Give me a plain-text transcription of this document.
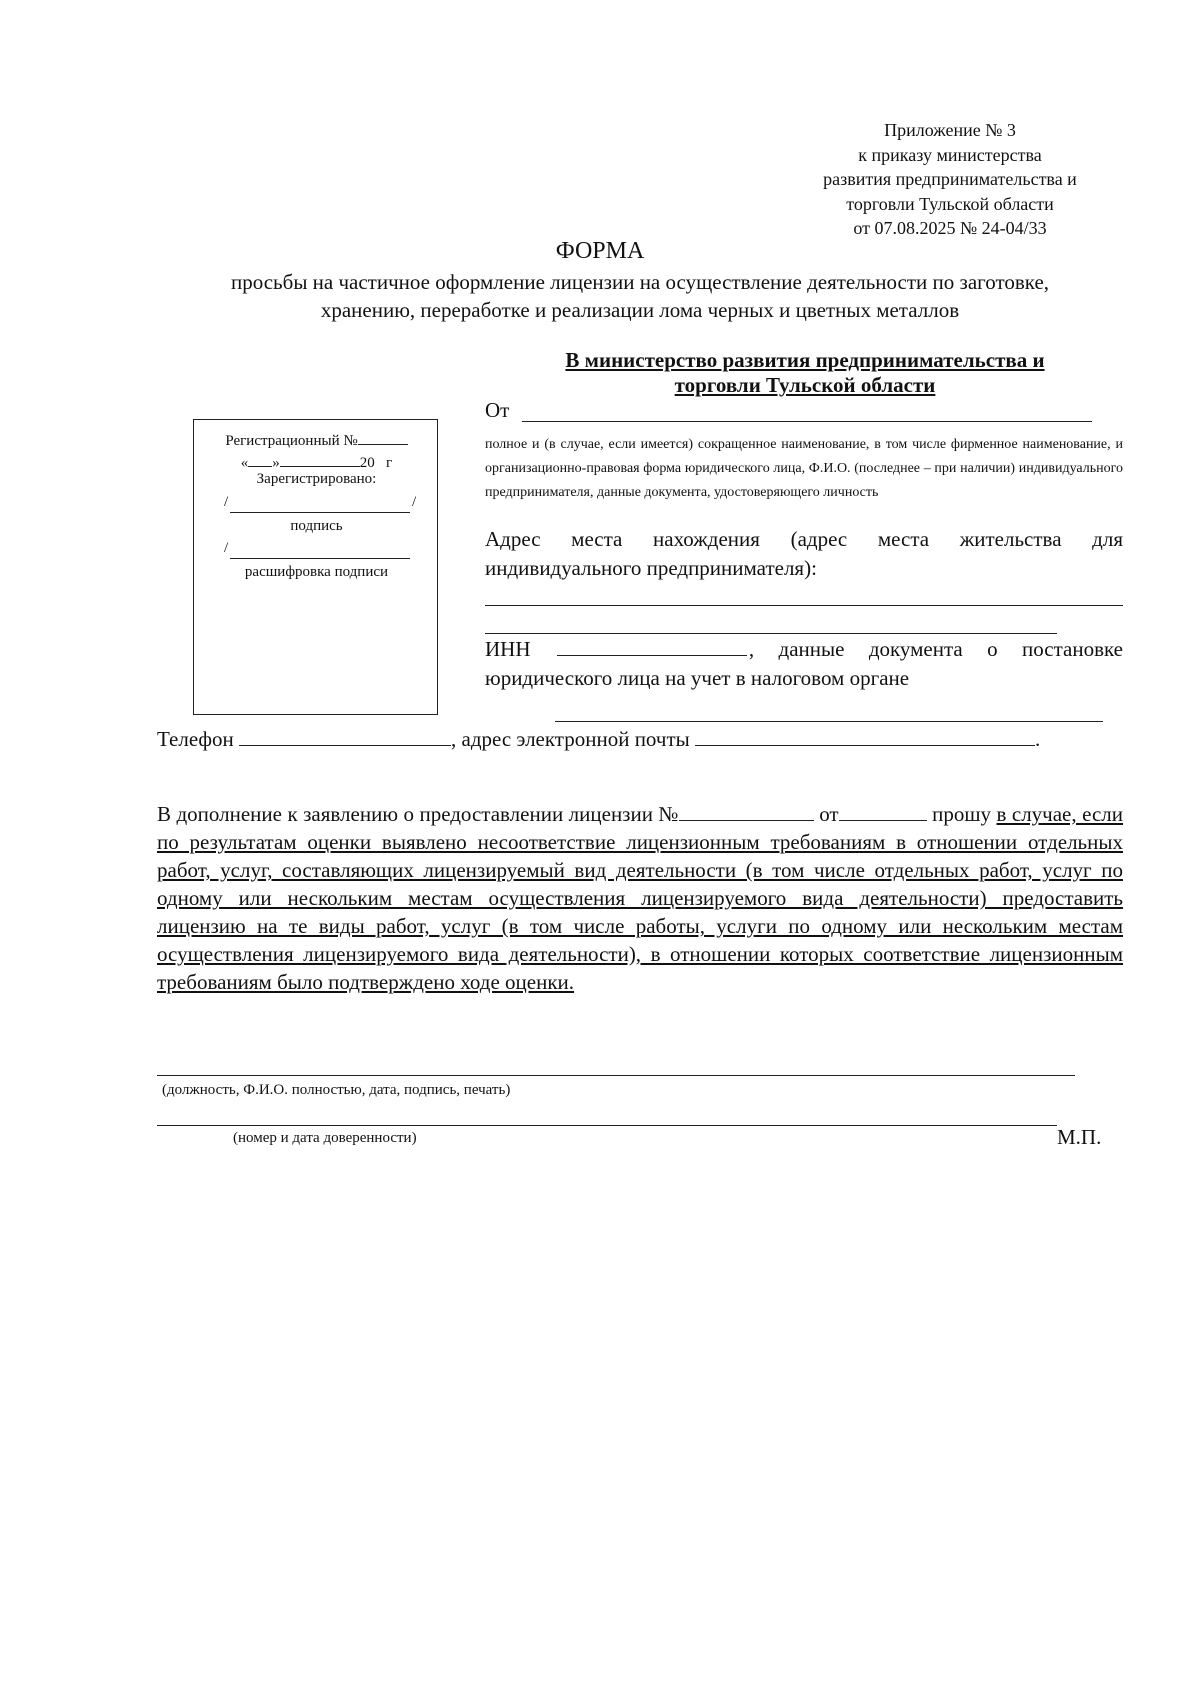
Приложение № 3
к приказу министерства
развития предпринимательства и
торговли Тульской области
от 07.08.2025 № 24-04/33
ФОРМА
просьбы на частичное оформление лицензии на осуществление деятельности по заготовке,
хранению, переработке и реализации лома черных и цветных металлов
В министерство развития предпринимательства и
торговли Тульской области
От
полное и (в случае, если имеется) сокращенное наименование, в том числе фирменное наименование, и организационно-правовая форма юридического лица, Ф.И.О. (последнее – при наличии) индивидуального предпринимателя, данные документа, удостоверяющего личность
Адрес места нахождения (адрес места жительства для индивидуального предпринимателя):
ИНН	, данные документа о постановке юридического лица на учет в налоговом органе
Регистрационный №
« »	20 г
Зарегистрировано:
/	/
подпись
/
расшифровка подписи
Телефон	, адрес электронной почты	.
В дополнение к заявлению о предоставлении лицензии №	от	прошу в случае, если по результатам оценки выявлено несоответствие лицензионным требованиям в отношении отдельных работ, услуг, составляющих лицензируемый вид деятельности (в том числе отдельных работ, услуг по одному или нескольким местам осуществления лицензируемого вида деятельности) предоставить лицензию на те виды работ, услуг (в том числе работы, услуги по одному или нескольким местам осуществления лицензируемого вида деятельности), в отношении которых соответствие лицензионным требованиям было подтверждено ходе оценки.
(должность, Ф.И.О. полностью, дата, подпись, печать)
(номер и дата доверенности)	М.П.
